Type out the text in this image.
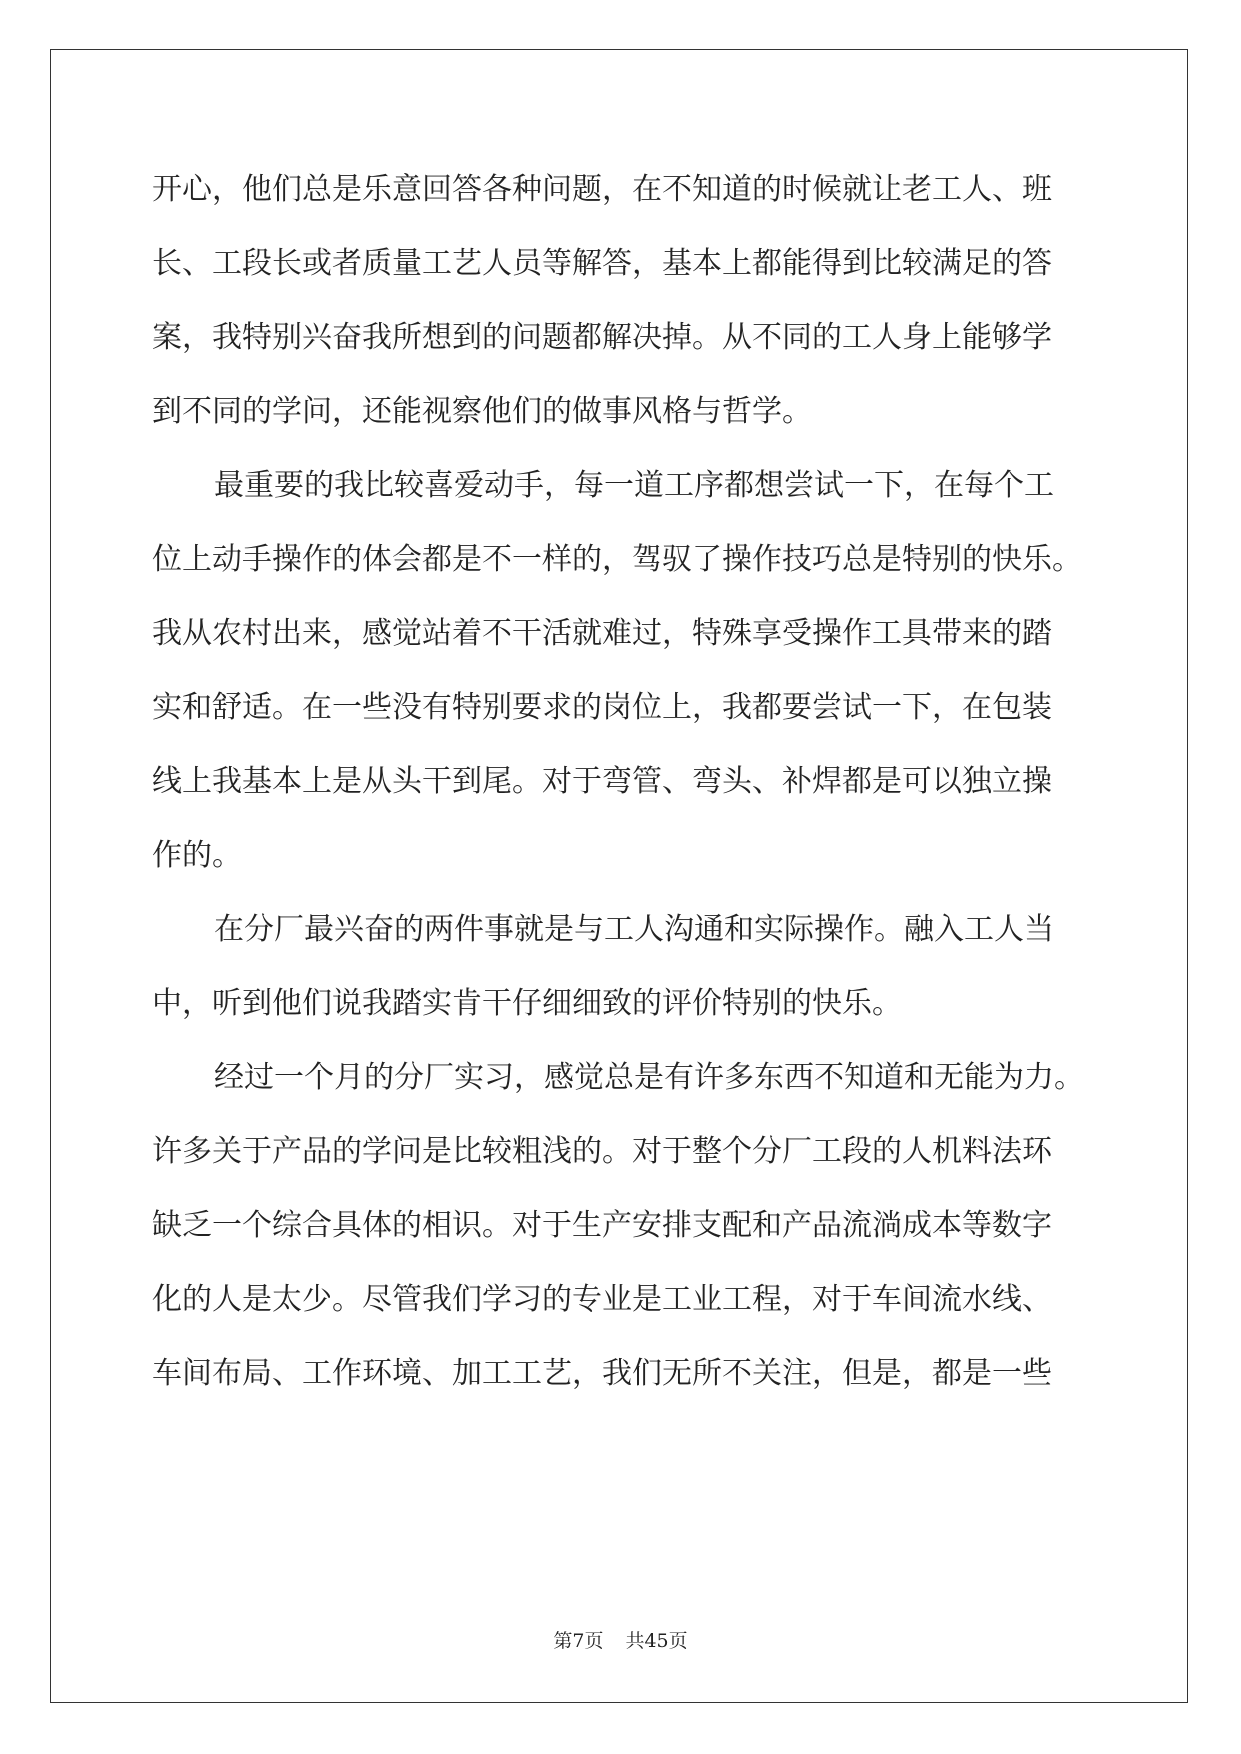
开心，他们总是乐意回答各种问题，在不知道的时候就让老工人、班
长、工段长或者质量工艺人员等解答，基本上都能得到比较满足的答
案，我特别兴奋我所想到的问题都解决掉。从不同的工人身上能够学
到不同的学问，还能视察他们的做事风格与哲学。
最重要的我比较喜爱动手，每一道工序都想尝试一下，在每个工
位上动手操作的体会都是不一样的，驾驭了操作技巧总是特别的快乐。
我从农村出来，感觉站着不干活就难过，特殊享受操作工具带来的踏
实和舒适。在一些没有特别要求的岗位上，我都要尝试一下，在包装
线上我基本上是从头干到尾。对于弯管、弯头、补焊都是可以独立操
作的。
在分厂最兴奋的两件事就是与工人沟通和实际操作。融入工人当
中，听到他们说我踏实肯干仔细细致的评价特别的快乐。
经过一个月的分厂实习，感觉总是有许多东西不知道和无能为力。
许多关于产品的学问是比较粗浅的。对于整个分厂工段的人机料法环
缺乏一个综合具体的相识。对于生产安排支配和产品流淌成本等数字
化的人是太少。尽管我们学习的专业是工业工程，对于车间流水线、
车间布局、工作环境、加工工艺，我们无所不关注，但是，都是一些
第7页 共45页
